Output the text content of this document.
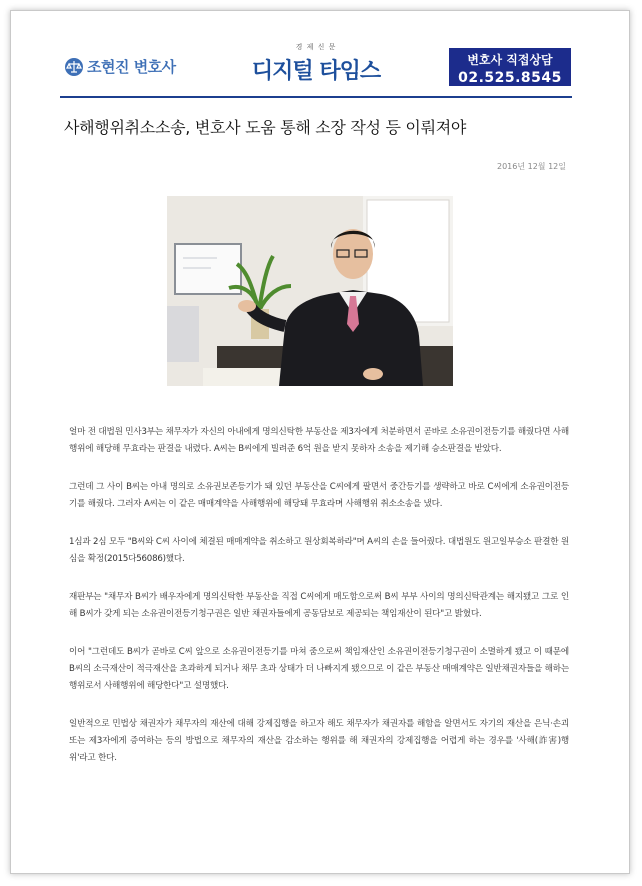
조현진 변호사
경 제 신 문
디지털 타임스	변호사 직접상담
02.525.8545
사해행위취소소송, 변호사 도움 통해 소장 작성 등 이뤄져야
2016년 12월 12일

얼마 전 대법원 민사3부는 채무자가 자신의 아내에게 명의신탁한 부동산을 제3자에게 처분하면서 곧바로 소유권이전등기를 해줬다면 사해행위에 해당해 무효라는 판결을 내렸다. A씨는 B씨에게 빌려준 6억 원을 받지 못하자 소송을 제기해 승소판결을 받았다.

그런데 그 사이 B씨는 아내 명의로 소유권보존등기가 돼 있던 부동산을 C씨에게 팔면서 중간등기를 생략하고 바로 C씨에게 소유권이전등기를 해줬다. 그러자 A씨는 이 같은 매매계약을 사해행위에 해당돼 무효라며 사해행위 취소소송을 냈다.

1심과 2심 모두 "B씨와 C씨 사이에 체결된 매매계약을 취소하고 원상회복하라"며 A씨의 손을 들어줬다. 대법원도 원고일부승소 판결한 원심을 확정(2015다56086)했다.

재판부는 "채무자 B씨가 배우자에게 명의신탁한 부동산을 직접 C씨에게 매도함으로써 B씨 부부 사이의 명의신탁관계는 해지됐고 그로 인해 B씨가 갖게 되는 소유권이전등기청구권은 일반 채권자들에게 공동담보로 제공되는 책임재산이 된다"고 밝혔다.

이어 "그런데도 B씨가 곧바로 C씨 앞으로 소유권이전등기를 마쳐 줌으로써 책임재산인 소유권이전등기청구권이 소멸하게 됐고 이 때문에 B씨의 소극재산이 적극재산을 초과하게 되거나 채무 초과 상태가 더 나빠지게 됐으므로 이 같은 부동산 매매계약은 일반채권자들을 해하는 행위로서 사해행위에 해당한다"고 설명했다.

일반적으로 민법상 채권자가 채무자의 재산에 대해 강제집행을 하고자 해도 채무자가 채권자를 해함을 알면서도 자기의 재산을 은닉·손괴 또는 제3자에게 증여하는 등의 방법으로 채무자의 재산을 감소하는 행위를 해 채권자의 강제집행을 어렵게 하는 경우를 '사해(詐害)행위'라고 한다.
